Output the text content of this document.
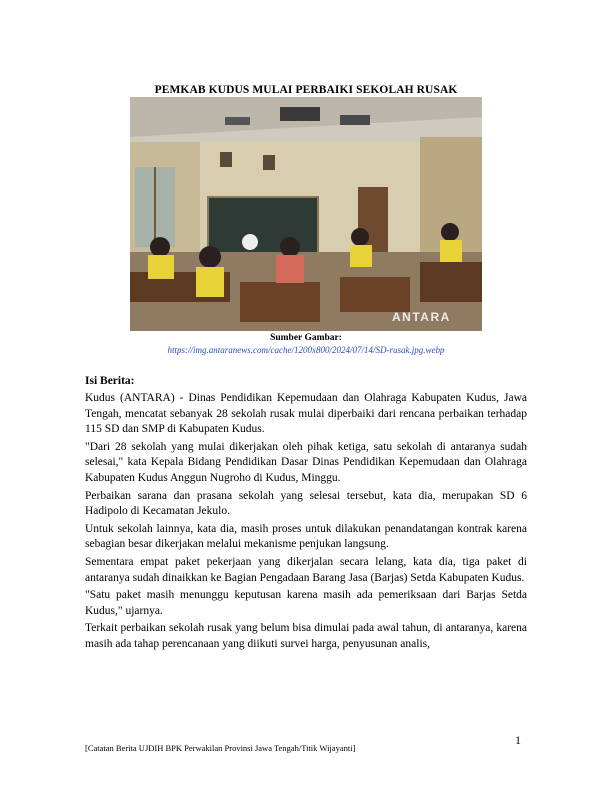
PEMKAB KUDUS MULAI PERBAIKI SEKOLAH RUSAK
ANTARA
Sumber Gambar:
https://img.antaranews.com/cache/1200x800/2024/07/14/SD-rusak.jpg.webp
Isi Berita:

Kudus (ANTARA) - Dinas Pendidikan Kepemudaan dan Olahraga Kabupaten Kudus, Jawa Tengah, mencatat sebanyak 28 sekolah rusak mulai diperbaiki dari rencana perbaikan terhadap 115 SD dan SMP di Kabupaten Kudus.

"Dari 28 sekolah yang mulai dikerjakan oleh pihak ketiga, satu sekolah di antaranya sudah selesai," kata Kepala Bidang Pendidikan Dasar Dinas Pendidikan Kepemudaan dan Olahraga Kabupaten Kudus Anggun Nugroho di Kudus, Minggu.

Perbaikan sarana dan prasana sekolah yang selesai tersebut, kata dia, merupakan SD 6 Hadipolo di Kecamatan Jekulo.

Untuk sekolah lainnya, kata dia, masih proses untuk dilakukan penandatangan kontrak karena sebagian besar dikerjakan melalui mekanisme penjukan langsung.

Sementara empat paket pekerjaan yang dikerjalan secara lelang, kata dia, tiga paket di antaranya sudah dinaikkan ke Bagian Pengadaan Barang Jasa (Barjas) Setda Kabupaten Kudus.

"Satu paket masih menunggu keputusan karena masih ada pemeriksaan dari Barjas Setda Kudus," ujarnya.

Terkait perbaikan sekolah rusak yang belum bisa dimulai pada awal tahun, di antaranya, karena masih ada tahap perencanaan yang diikuti survei harga, penyusunan analis,

1
[Catatan Berita UJDIH BPK Perwakilan Provinsi Jawa Tengah/Titik Wijayanti]
